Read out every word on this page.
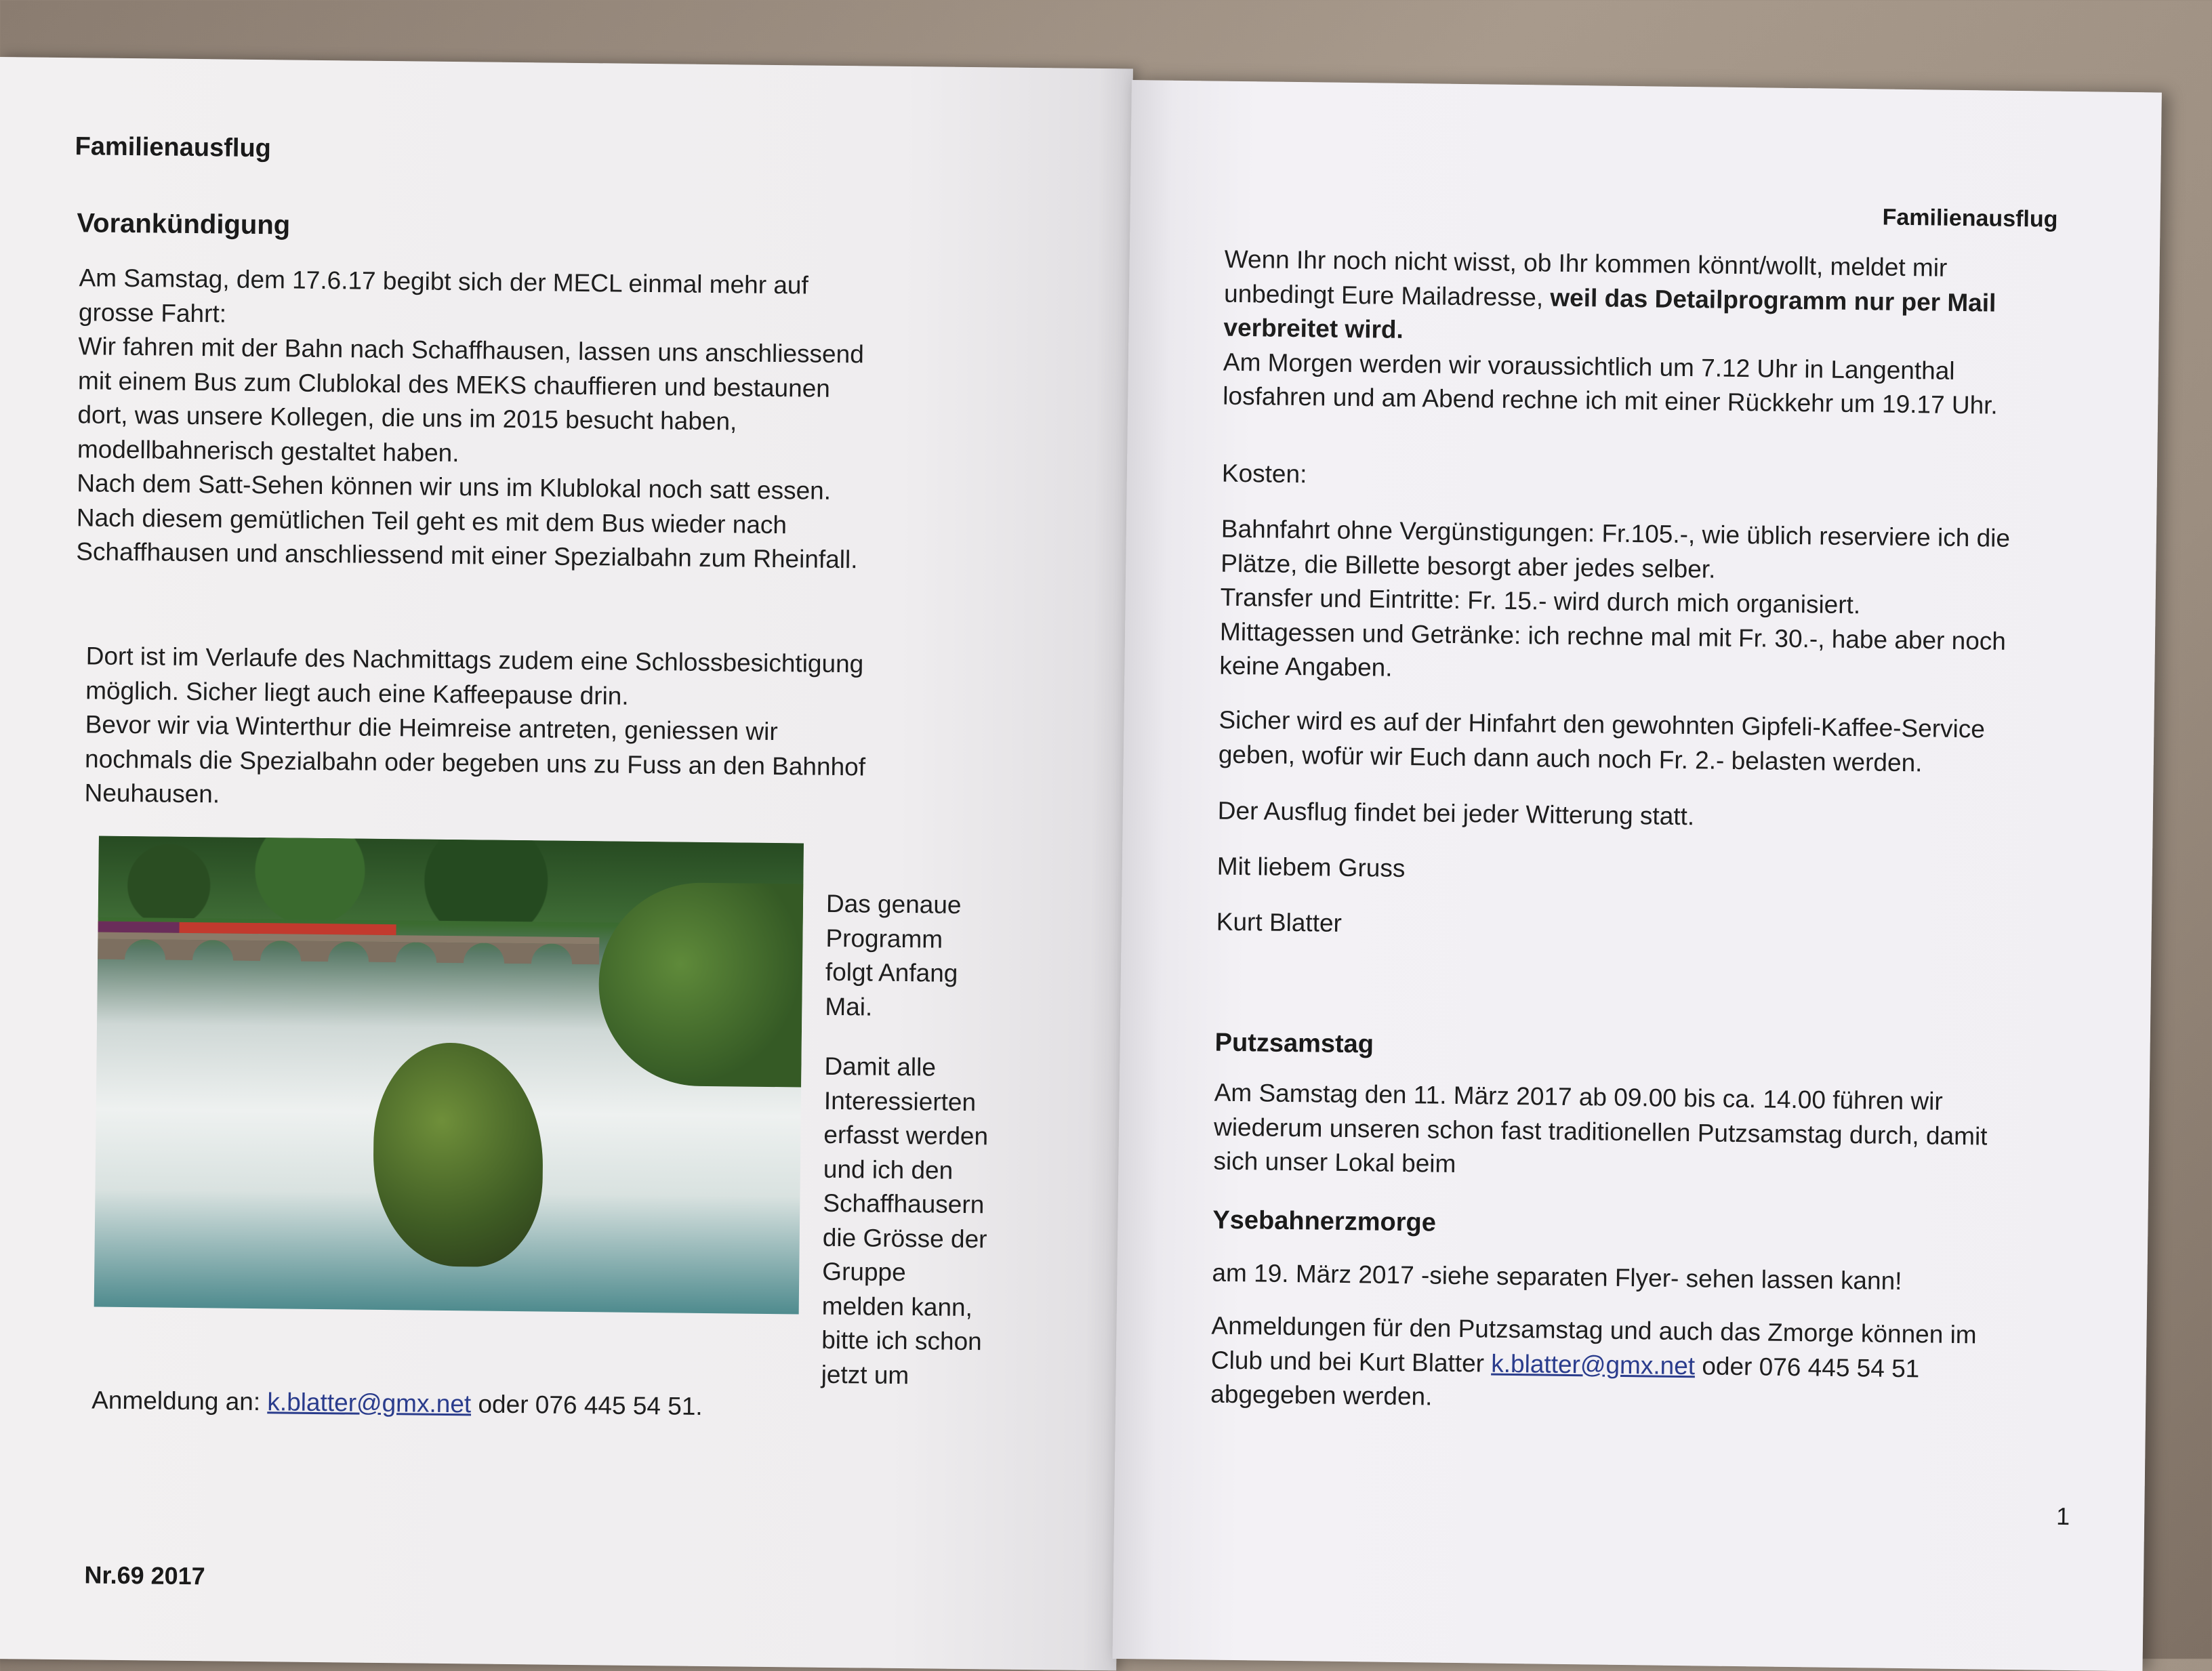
Familienausflug
Vorankündigung
Am Samstag, dem 17.6.17 begibt sich der MECL einmal mehr auf
grosse Fahrt:
Wir fahren mit der Bahn nach Schaffhausen, lassen uns anschliessend
mit einem Bus zum Clublokal des MEKS chauffieren und bestaunen
dort, was unsere Kollegen, die uns im 2015 besucht haben,
modellbahnerisch gestaltet haben.
Nach dem Satt-Sehen können wir uns im Klublokal noch satt essen.
Nach diesem gemütlichen Teil geht es mit dem Bus wieder nach
Schaffhausen und anschliessend mit einer Spezialbahn zum Rheinfall.
Dort ist im Verlaufe des Nachmittags zudem eine Schlossbesichtigung
möglich. Sicher liegt auch eine Kaffeepause drin.
Bevor wir via Winterthur die Heimreise antreten, geniessen wir
nochmals die Spezialbahn oder begeben uns zu Fuss an den Bahnhof
Neuhausen.
Das genaue
Programm
folgt Anfang
Mai.
Damit alle
Interessierten
erfasst werden
und ich den
Schaffhausern
die Grösse der
Gruppe
melden kann,
bitte ich schon
jetzt um
Anmeldung an: k.blatter@gmx.net oder 076 445 54 51.
Nr.69 2017
Familienausflug
Wenn Ihr noch nicht wisst, ob Ihr kommen könnt/wollt, meldet mir
unbedingt Eure Mailadresse, weil das Detailprogramm nur per Mail
verbreitet wird.
Am Morgen werden wir voraussichtlich um 7.12 Uhr in Langenthal
losfahren und am Abend rechne ich mit einer Rückkehr um 19.17 Uhr.
Kosten:
Bahnfahrt ohne Vergünstigungen: Fr.105.-, wie üblich reserviere ich die
Plätze, die Billette besorgt aber jedes selber.
Transfer und Eintritte: Fr. 15.- wird durch mich organisiert.
Mittagessen und Getränke: ich rechne mal mit Fr. 30.-, habe aber noch
keine Angaben.
Sicher wird es auf der Hinfahrt den gewohnten Gipfeli-Kaffee-Service
geben, wofür wir Euch dann auch noch Fr. 2.- belasten werden.
Der Ausflug findet bei jeder Witterung statt.
Mit liebem Gruss
Kurt Blatter
Putzsamstag
Am Samstag den 11. März 2017 ab 09.00 bis ca. 14.00 führen wir
wiederum unseren schon fast traditionellen Putzsamstag durch, damit
sich unser Lokal beim
Ysebahnerzmorge
am 19. März 2017 -siehe separaten Flyer- sehen lassen kann!
Anmeldungen für den Putzsamstag und auch das Zmorge können im
Club und bei Kurt Blatter k.blatter@gmx.net oder 076 445 54 51
abgegeben werden.
1
